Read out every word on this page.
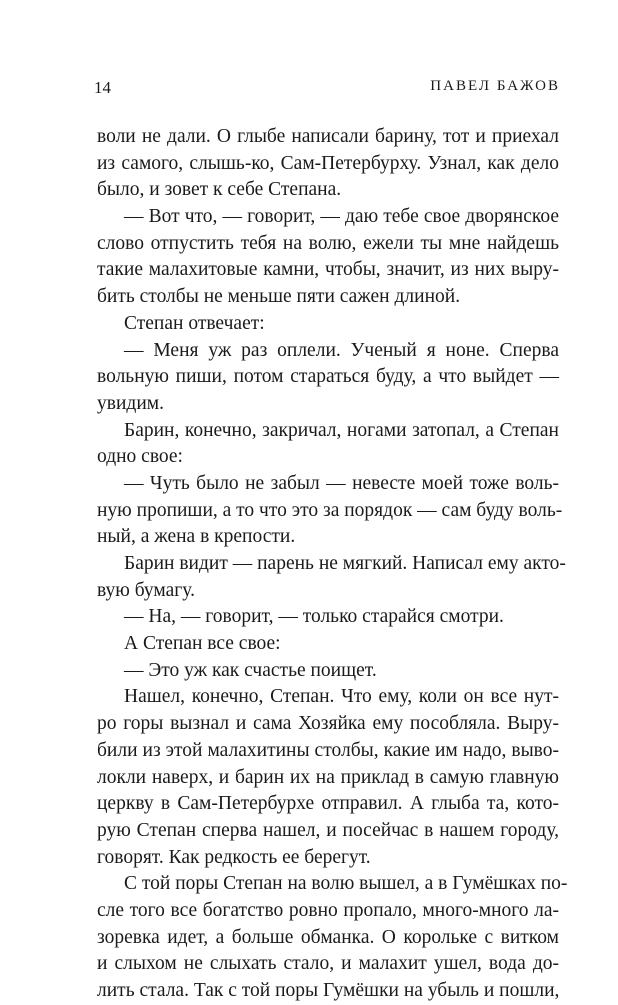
14	ПАВЕЛ БАЖОВ
воли не дали. О глыбе написали барину, тот и приехал
из самого, слышь-ко, Сам-Петербурху. Узнал, как дело
было, и зовет к себе Степана.
— Вот что, — говорит, — даю тебе свое дворянское
слово отпустить тебя на волю, ежели ты мне найдешь
такие малахитовые камни, чтобы, значит, из них выру-
бить столбы не меньше пяти сажен длиной.
Степан отвечает:
— Меня уж раз оплели. Ученый я ноне. Сперва
вольную пиши, потом стараться буду, а что выйдет —
увидим.
Барин, конечно, закричал, ногами затопал, а Степан
одно свое:
— Чуть было не забыл — невесте моей тоже воль-
ную пропиши, а то что это за порядок — сам буду воль-
ный, а жена в крепости.
Барин видит — парень не мягкий. Написал ему акто-
вую бумагу.
— На, — говорит, — только старайся смотри.
А Степан все свое:
— Это уж как счастье поищет.
Нашел, конечно, Степан. Что ему, коли он все нут-
ро горы вызнал и сама Хозяйка ему пособляла. Выру-
били из этой малахитины столбы, какие им надо, выво-
локли наверх, и барин их на приклад в самую главную
церкву в Сам-Петербурхе отправил. А глыба та, кото-
рую Степан сперва нашел, и посейчас в нашем городу,
говорят. Как редкость ее берегут.
С той поры Степан на волю вышел, а в Гумёшках по-
сле того все богатство ровно пропало, много-много ла-
зоревка идет, а больше обманка. О корольке с витком
и слыхом не слыхать стало, и малахит ушел, вода до-
лить стала. Так с той поры Гумёшки на убыль и пошли,
